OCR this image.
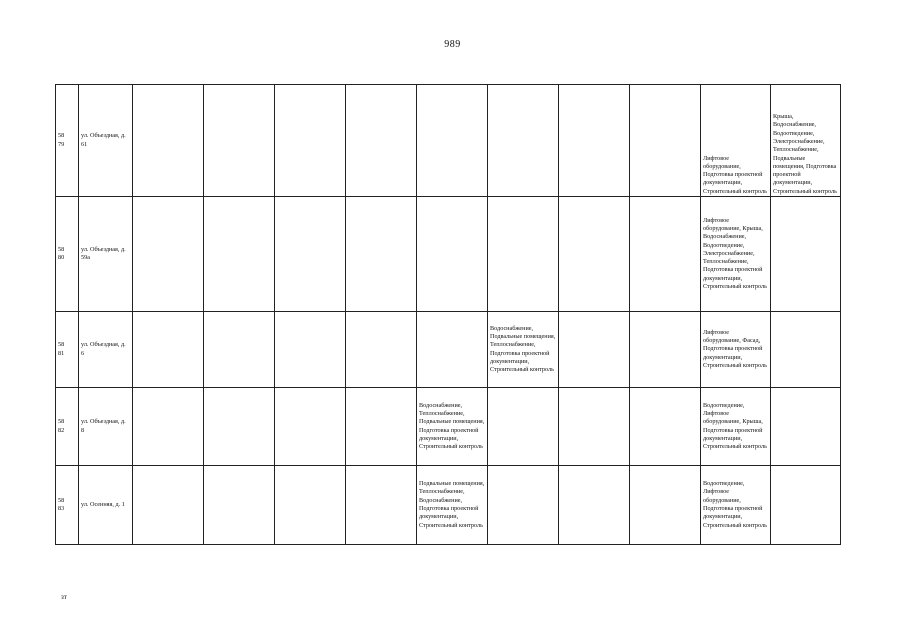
989
58
79	ул. Объездная, д. 61									Лифтовое оборудование, Подготовка проектной документации, Строительный контроль	Крыша, Водоснабжение, Водоотведение, Электроснабжение, Теплоснабжение, Подвальные помещения, Подготовка проектной документации, Строительный контроль

58
80	ул. Объездная, д. 59а									Лифтовое оборудование, Крыша, Водоснабжение, Водоотведение, Электроснабжение, Теплоснабжение, Подготовка проектной документации, Строительный контроль	

58
81	ул. Объездная, д. 6						Водоснабжение, Подвальные помещения, Теплоснабжение, Подготовка проектной документации, Строительный контроль			Лифтовое оборудование, Фасад, Подготовка проектной документации, Строительный контроль	

58
82	ул. Объездная, д. 8					Водоснабжение, Теплоснабжение, Подвальные помещения, Подготовка проектной документации, Строительный контроль				Водоотведение, Лифтовое оборудование, Крыша, Подготовка проектной документации, Строительный контроль	

58
83	ул. Осенняя, д. 1					Подвальные помещения, Теплоснабжение, Водоснабжение, Подготовка проектной документации, Строительный контроль				Водоотведение, Лифтовое оборудование, Подготовка проектной документации, Строительный контроль	
зт
